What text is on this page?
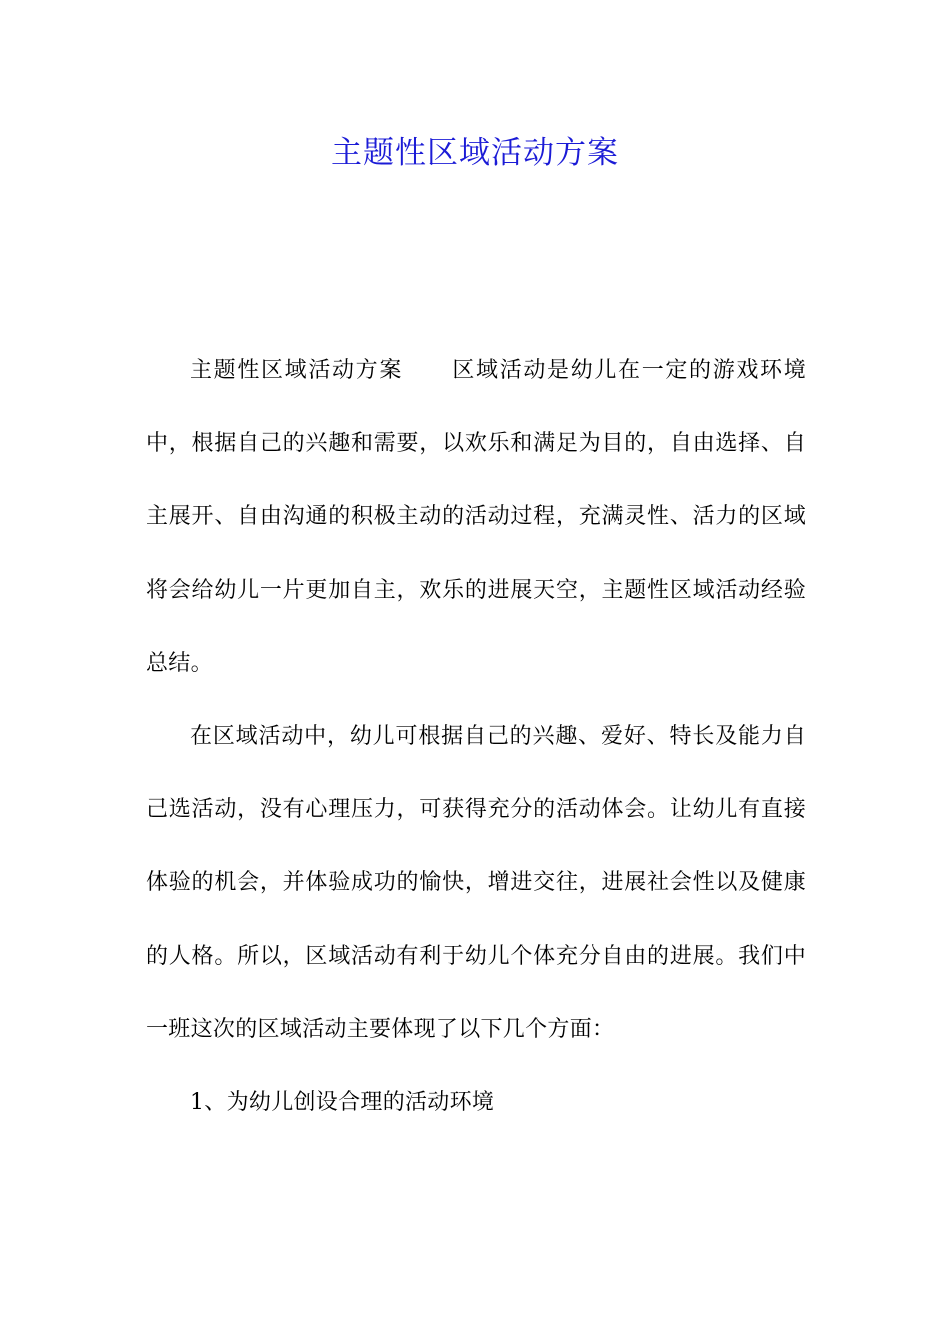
主题性区域活动方案

主题性区域活动方案 区域活动是幼儿在一定的游戏环境中，根据自己的兴趣和需要，以欢乐和满足为目的，自由选择、自主展开、自由沟通的积极主动的活动过程，充满灵性、活力的区域将会给幼儿一片更加自主，欢乐的进展天空，主题性区域活动经验总结。

在区域活动中，幼儿可根据自己的兴趣、爱好、特长及能力自己选活动，没有心理压力，可获得充分的活动体会。让幼儿有直接体验的机会，并体验成功的愉快，增进交往，进展社会性以及健康的人格。所以，区域活动有利于幼儿个体充分自由的进展。我们中一班这次的区域活动主要体现了以下几个方面：

1、为幼儿创设合理的活动环境
